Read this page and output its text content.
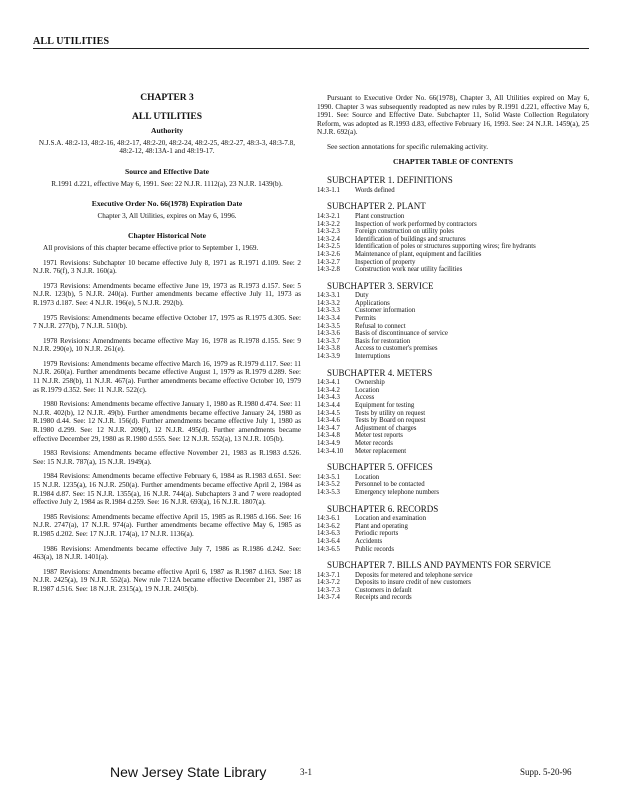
ALL UTILITIES
CHAPTER 3
ALL UTILITIES
Authority

N.J.S.A. 48:2-13, 48:2-16, 48:2-17, 48:2-20, 48:2-24, 48:2-25, 48:2-27, 48:3-3, 48:3-7.8, 48:2-12, 48:13A-1 and 48:19-17.

Source and Effective Date

R.1991 d.221, effective May 6, 1991. See: 22 N.J.R. 1112(a), 23 N.J.R. 1439(b).

Executive Order No. 66(1978) Expiration Date

Chapter 3, All Utilities, expires on May 6, 1996.

Chapter Historical Note

All provisions of this chapter became effective prior to September 1, 1969.

1971 Revisions: Subchapter 10 became effective July 8, 1971 as R.1971 d.109. See: 2 N.J.R. 76(f), 3 N.J.R. 160(a).

1973 Revisions: Amendments became effective June 19, 1973 as R.1973 d.157. See: 5 N.J.R. 123(b), 5 N.J.R. 240(a). Further amendments became effective July 11, 1973 as R.1973 d.187. See: 4 N.J.R. 196(e), 5 N.J.R. 292(b).

1975 Revisions: Amendments became effective October 17, 1975 as R.1975 d.305. See: 7 N.J.R. 277(b), 7 N.J.R. 510(b).

1978 Revisions: Amendments became effective May 16, 1978 as R.1978 d.155. See: 9 N.J.R. 290(e), 10 N.J.R. 261(e).

1979 Revisions: Amendments became effective March 16, 1979 as R.1979 d.117. See: 11 N.J.R. 260(a). Further amendments became effective August 1, 1979 as R.1979 d.289. See: 11 N.J.R. 258(b), 11 N.J.R. 467(a). Further amendments became effective October 10, 1979 as R.1979 d.352. See: 11 N.J.R. 522(c).

1980 Revisions: Amendments became effective January 1, 1980 as R.1980 d.474. See: 11 N.J.R. 402(b), 12 N.J.R. 49(b). Further amendments became effective January 24, 1980 as R.1980 d.44. See: 12 N.J.R. 156(d). Further amendments became effective July 1, 1980 as R.1980 d.299. See: 12 N.J.R. 209(f), 12 N.J.R. 495(d). Further amendments became effective December 29, 1980 as R.1980 d.555. See: 12 N.J.R. 552(a), 13 N.J.R. 105(b).

1983 Revisions: Amendments became effective November 21, 1983 as R.1983 d.526. See: 15 N.J.R. 787(a), 15 N.J.R. 1949(a).

1984 Revisions: Amendments became effective February 6, 1984 as R.1983 d.651. See: 15 N.J.R. 1235(a), 16 N.J.R. 250(a). Further amendments became effective April 2, 1984 as R.1984 d.87. See: 15 N.J.R. 1355(a), 16 N.J.R. 744(a). Subchapters 3 and 7 were readopted effective July 2, 1984 as R.1984 d.259. See: 16 N.J.R. 693(a), 16 N.J.R. 1807(a).

1985 Revisions: Amendments became effective April 15, 1985 as R.1985 d.166. See: 16 N.J.R. 2747(a), 17 N.J.R. 974(a). Further amendments became effective May 6, 1985 as R.1985 d.202. See: 17 N.J.R. 174(a), 17 N.J.R. 1136(a).

1986 Revisions: Amendments became effective July 7, 1986 as R.1986 d.242. See: 463(a), 18 N.J.R. 1401(a).

1987 Revisions: Amendments became effective April 6, 1987 as R.1987 d.163. See: 18 N.J.R. 2425(a), 19 N.J.R. 552(a). New rule 7:12A became effective December 21, 1987 as R.1987 d.516. See: 18 N.J.R. 2315(a), 19 N.J.R. 2405(b).

Pursuant to Executive Order No. 66(1978), Chapter 3, All Utilities expired on May 6, 1990. Chapter 3 was subsequently readopted as new rules by R.1991 d.221, effective May 6, 1991. See: Source and Effective Date. Subchapter 11, Solid Waste Collection Regulatory Reform, was adopted as R.1993 d.83, effective February 16, 1993. See: 24 N.J.R. 1459(a), 25 N.J.R. 692(a).

See section annotations for specific rulemaking activity.

CHAPTER TABLE OF CONTENTS
SUBCHAPTER 1. DEFINITIONS
14:3-1.1	Words defined
SUBCHAPTER 2. PLANT
14:3-2.1	Plant construction
14:3-2.2	Inspection of work performed by contractors
14:3-2.3	Foreign construction on utility poles
14:3-2.4	Identification of buildings and structures
14:3-2.5	Identification of poles or structures supporting wires; fire hydrants
14:3-2.6	Maintenance of plant, equipment and facilities
14:3-2.7	Inspection of property
14:3-2.8	Construction work near utility facilities
SUBCHAPTER 3. SERVICE
14:3-3.1	Duty
14:3-3.2	Applications
14:3-3.3	Customer information
14:3-3.4	Permits
14:3-3.5	Refusal to connect
14:3-3.6	Basis of discontinuance of service
14:3-3.7	Basis for restoration
14:3-3.8	Access to customer's premises
14:3-3.9	Interruptions
SUBCHAPTER 4. METERS
14:3-4.1	Ownership
14:3-4.2	Location
14:3-4.3	Access
14:3-4.4	Equipment for testing
14:3-4.5	Tests by utility on request
14:3-4.6	Tests by Board on request
14:3-4.7	Adjustment of charges
14:3-4.8	Meter test reports
14:3-4.9	Meter records
14:3-4.10	Meter replacement
SUBCHAPTER 5. OFFICES
14:3-5.1	Location
14:3-5.2	Personnel to be contacted
14:3-5.3	Emergency telephone numbers
SUBCHAPTER 6. RECORDS
14:3-6.1	Location and examination
14:3-6.2	Plant and operating
14:3-6.3	Periodic reports
14:3-6.4	Accidents
14:3-6.5	Public records
SUBCHAPTER 7. BILLS AND PAYMENTS FOR SERVICE
14:3-7.1	Deposits for metered and telephone service
14:3-7.2	Deposits to insure credit of new customers
14:3-7.3	Customers in default
14:3-7.4	Receipts and records
New Jersey State Library	3-1	Supp. 5-20-96
